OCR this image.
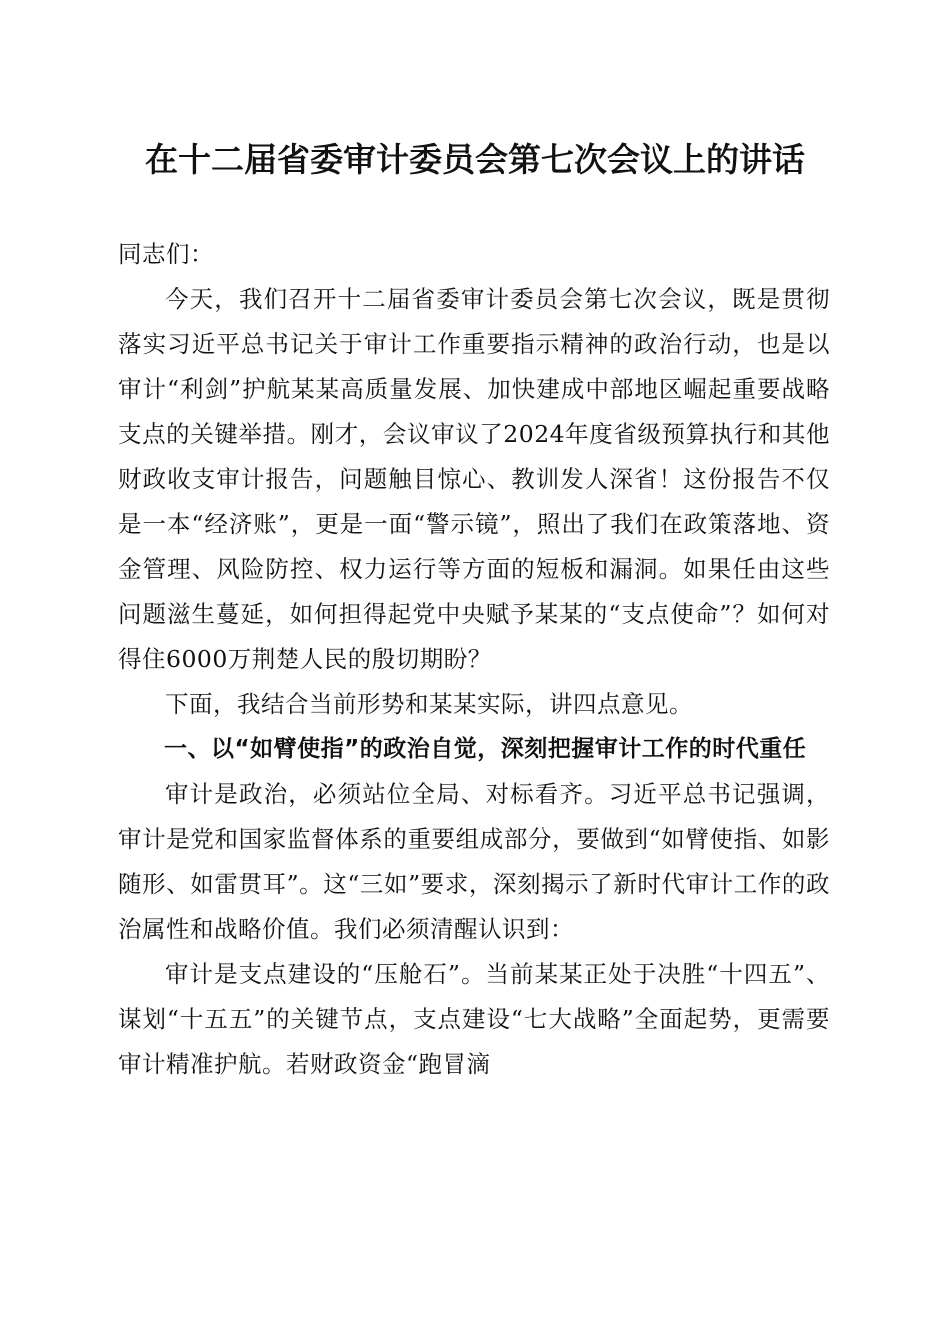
在十二届省委审计委员会第七次会议上的讲话

同志们：

今天，我们召开十二届省委审计委员会第七次会议，既是贯彻落实习近平总书记关于审计工作重要指示精神的政治行动，也是以审计“利剑”护航某某高质量发展、加快建成中部地区崛起重要战略支点的关键举措。刚才，会议审议了2024年度省级预算执行和其他财政收支审计报告，问题触目惊心、教训发人深省！这份报告不仅是一本“经济账”，更是一面“警示镜”，照出了我们在政策落地、资金管理、风险防控、权力运行等方面的短板和漏洞。如果任由这些问题滋生蔓延，如何担得起党中央赋予某某的“支点使命”？如何对得住6000万荆楚人民的殷切期盼？

下面，我结合当前形势和某某实际，讲四点意见。

一、以“如臂使指”的政治自觉，深刻把握审计工作的时代重任

审计是政治，必须站位全局、对标看齐。习近平总书记强调，审计是党和国家监督体系的重要组成部分，要做到“如臂使指、如影随形、如雷贯耳”。这“三如”要求，深刻揭示了新时代审计工作的政治属性和战略价值。我们必须清醒认识到：

审计是支点建设的“压舱石”。当前某某正处于决胜“十四五”、谋划“十五五”的关键节点，支点建设“七大战略”全面起势，更需要审计精准护航。若财政资金“跑冒滴
